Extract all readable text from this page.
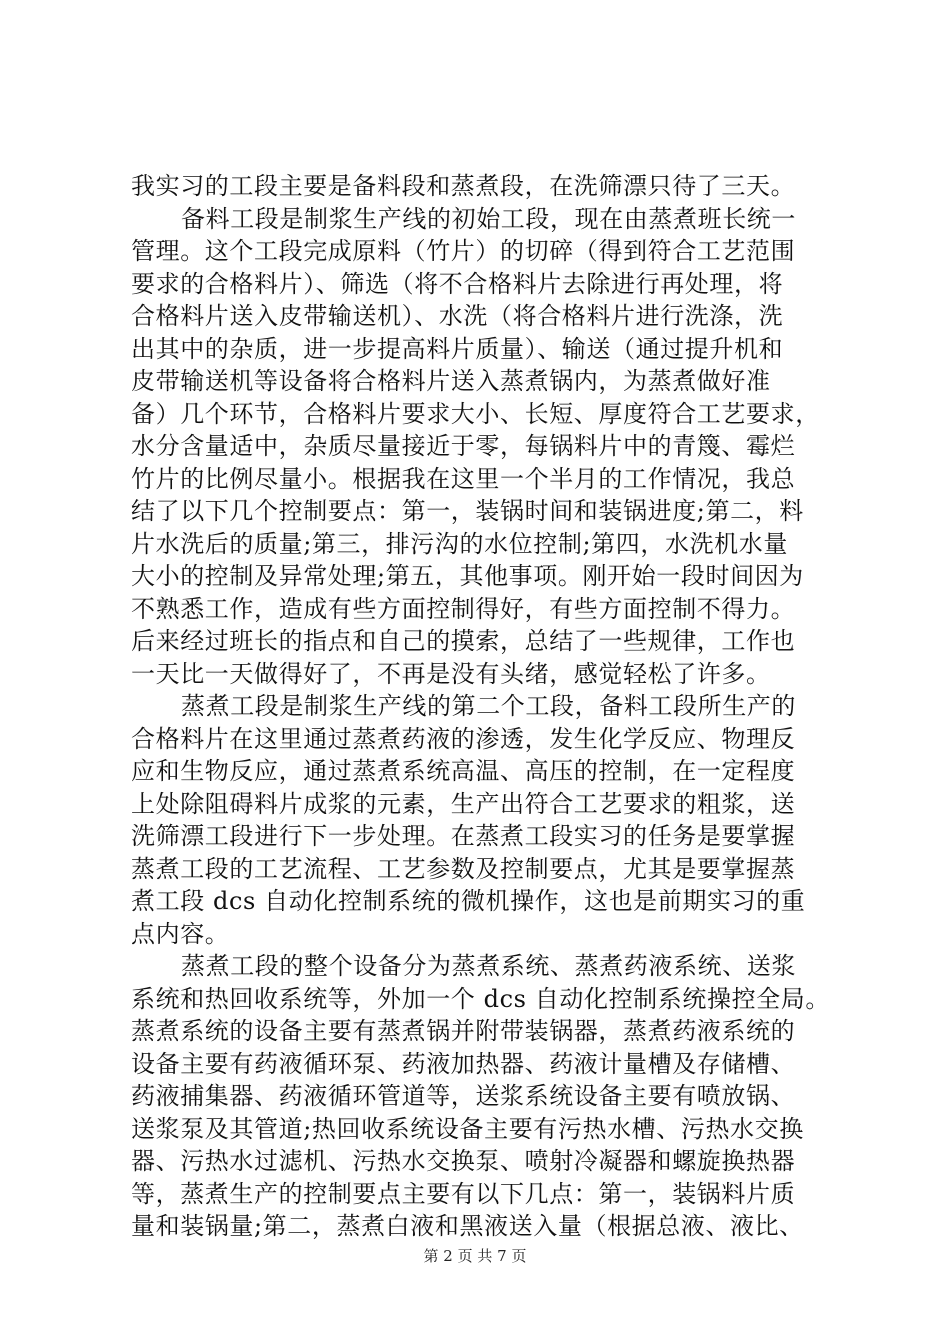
我实习的工段主要是备料段和蒸煮段，在洗筛漂只待了三天。
备料工段是制浆生产线的初始工段，现在由蒸煮班长统一
管理。这个工段完成原料（竹片）的切碎（得到符合工艺范围
要求的合格料片）、筛选（将不合格料片去除进行再处理，将
合格料片送入皮带输送机）、水洗（将合格料片进行洗涤，洗
出其中的杂质，进一步提高料片质量）、输送（通过提升机和
皮带输送机等设备将合格料片送入蒸煮锅内，为蒸煮做好准
备）几个环节，合格料片要求大小、长短、厚度符合工艺要求，
水分含量适中，杂质尽量接近于零，每锅料片中的青篾、霉烂
竹片的比例尽量小。根据我在这里一个半月的工作情况，我总
结了以下几个控制要点：第一，装锅时间和装锅进度;第二，料
片水洗后的质量;第三，排污沟的水位控制;第四，水洗机水量
大小的控制及异常处理;第五，其他事项。刚开始一段时间因为
不熟悉工作，造成有些方面控制得好，有些方面控制不得力。
后来经过班长的指点和自己的摸索，总结了一些规律，工作也
一天比一天做得好了，不再是没有头绪，感觉轻松了许多。
蒸煮工段是制浆生产线的第二个工段，备料工段所生产的
合格料片在这里通过蒸煮药液的渗透，发生化学反应、物理反
应和生物反应，通过蒸煮系统高温、高压的控制，在一定程度
上处除阻碍料片成浆的元素，生产出符合工艺要求的粗浆，送
洗筛漂工段进行下一步处理。在蒸煮工段实习的任务是要掌握
蒸煮工段的工艺流程、工艺参数及控制要点，尤其是要掌握蒸
煮工段 dcs 自动化控制系统的微机操作，这也是前期实习的重
点内容。
蒸煮工段的整个设备分为蒸煮系统、蒸煮药液系统、送浆
系统和热回收系统等，外加一个 dcs 自动化控制系统操控全局。
蒸煮系统的设备主要有蒸煮锅并附带装锅器，蒸煮药液系统的
设备主要有药液循环泵、药液加热器、药液计量槽及存储槽、
药液捕集器、药液循环管道等，送浆系统设备主要有喷放锅、
送浆泵及其管道;热回收系统设备主要有污热水槽、污热水交换
器、污热水过滤机、污热水交换泵、喷射冷凝器和螺旋换热器
等，蒸煮生产的控制要点主要有以下几点：第一，装锅料片质
量和装锅量;第二，蒸煮白液和黑液送入量（根据总液、液比、
第 2 页 共 7 页
